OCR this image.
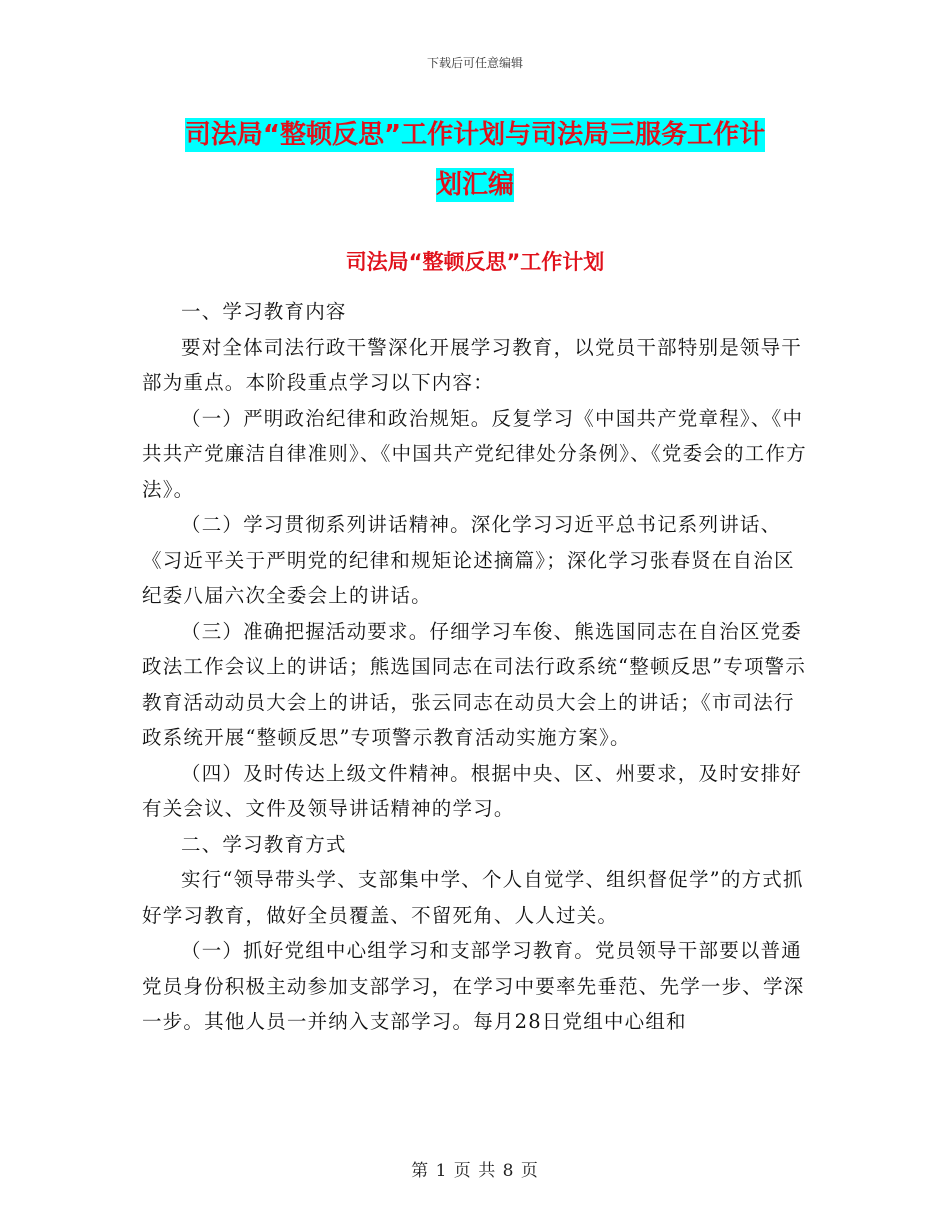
下载后可任意编辑
司法局“整顿反思”工作计划与司法局三服务工作计
划汇编
司法局“整顿反思”工作计划

一、学习教育内容

要对全体司法行政干警深化开展学习教育，以党员干部特别是领导干部为重点。本阶段重点学习以下内容：

（一）严明政治纪律和政治规矩。反复学习《中国共产党章程》、《中共共产党廉洁自律准则》、《中国共产党纪律处分条例》、《党委会的工作方法》。

（二）学习贯彻系列讲话精神。深化学习习近平总书记系列讲话、《习近平关于严明党的纪律和规矩论述摘篇》；深化学习张春贤在自治区纪委八届六次全委会上的讲话。

（三）准确把握活动要求。仔细学习车俊、熊选国同志在自治区党委政法工作会议上的讲话；熊选国同志在司法行政系统“整顿反思”专项警示教育活动动员大会上的讲话，张云同志在动员大会上的讲话；《市司法行政系统开展“整顿反思”专项警示教育活动实施方案》。

（四）及时传达上级文件精神。根据中央、区、州要求，及时安排好有关会议、文件及领导讲话精神的学习。

二、学习教育方式

实行“领导带头学、支部集中学、个人自觉学、组织督促学”的方式抓好学习教育，做好全员覆盖、不留死角、人人过关。

（一）抓好党组中心组学习和支部学习教育。党员领导干部要以普通党员身份积极主动参加支部学习，在学习中要率先垂范、先学一步、学深一步。其他人员一并纳入支部学习。每月28日党组中心组和

第 1 页 共 8 页
